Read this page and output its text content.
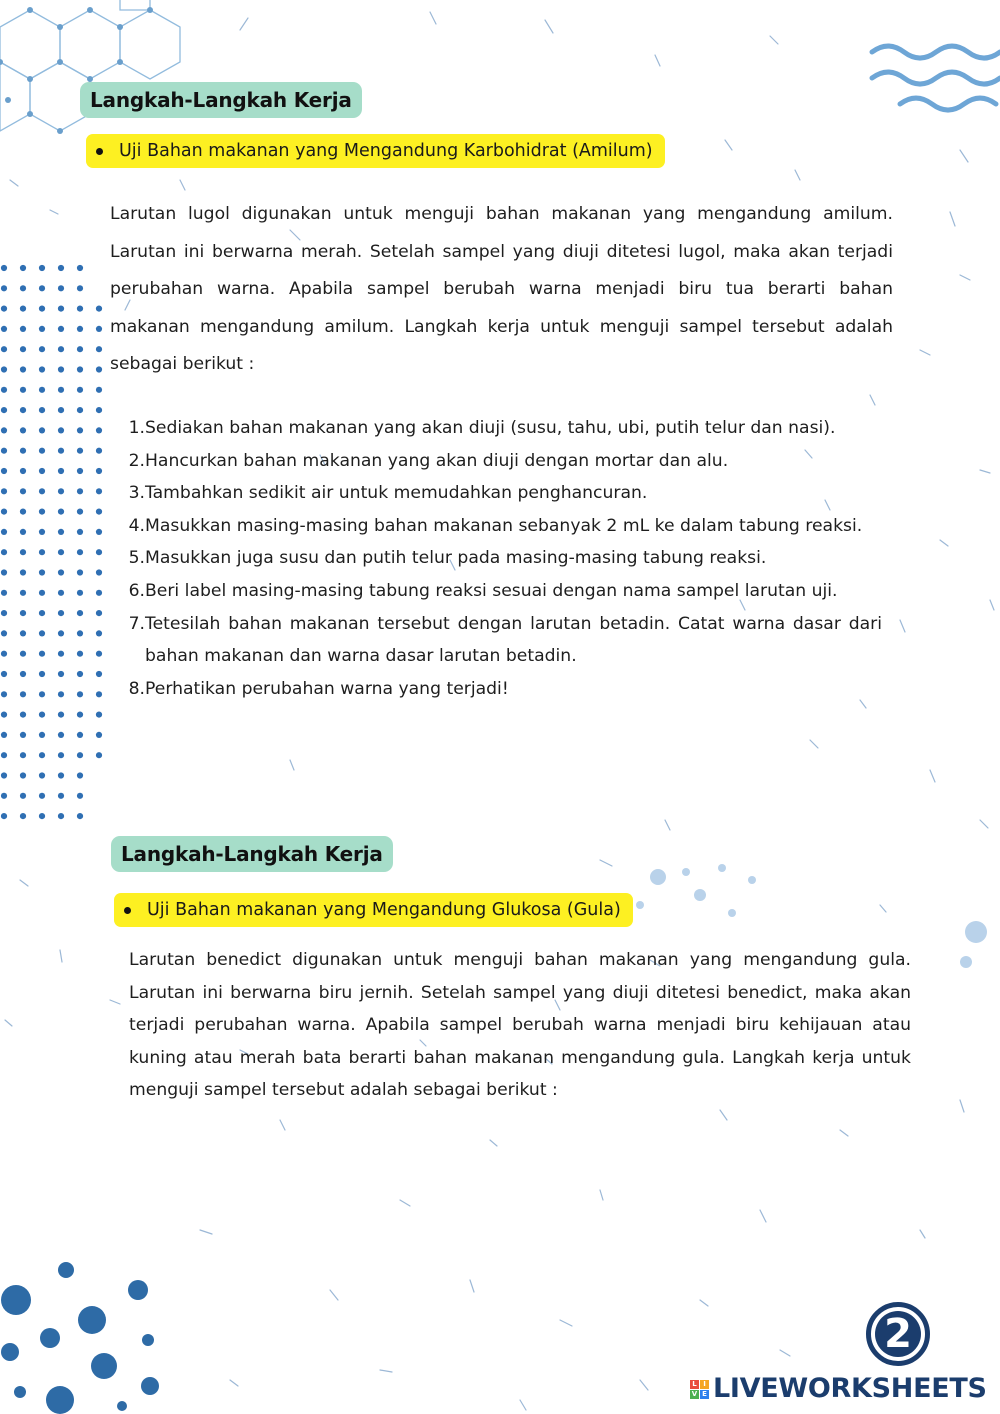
Langkah-Langkah Kerja
Uji Bahan makanan yang Mengandung Karbohidrat (Amilum)

Larutan lugol digunakan untuk menguji bahan makanan yang mengandung amilum. Larutan ini berwarna merah. Setelah sampel yang diuji ditetesi lugol, maka akan terjadi perubahan warna. Apabila sampel berubah warna menjadi biru tua berarti bahan makanan mengandung amilum. Langkah kerja untuk menguji sampel tersebut adalah sebagai berikut :

1. Sediakan bahan makanan yang akan diuji (susu, tahu, ubi, putih telur dan nasi).
2. Hancurkan bahan makanan yang akan diuji dengan mortar dan alu.
3. Tambahkan sedikit air untuk memudahkan penghancuran.
4. Masukkan masing-masing bahan makanan sebanyak 2 mL ke dalam tabung reaksi.
5. Masukkan juga susu dan putih telur pada masing-masing tabung reaksi.
6. Beri label masing-masing tabung reaksi sesuai dengan nama sampel larutan uji.
7. Tetesilah bahan makanan tersebut dengan larutan betadin. Catat warna dasar dari bahan makanan dan warna dasar larutan betadin.
8. Perhatikan perubahan warna yang terjadi!
Langkah-Langkah Kerja
Uji Bahan makanan yang Mengandung Glukosa (Gula)

Larutan benedict digunakan untuk menguji bahan makanan yang mengandung gula. Larutan ini berwarna biru jernih. Setelah sampel yang diuji ditetesi benedict, maka akan terjadi perubahan warna. Apabila sampel berubah warna menjadi biru kehijauan atau kuning atau merah bata berarti bahan makanan mengandung gula. Langkah kerja untuk menguji sampel tersebut adalah sebagai berikut :

2
L I
V E LIVEWORKSHEETS
